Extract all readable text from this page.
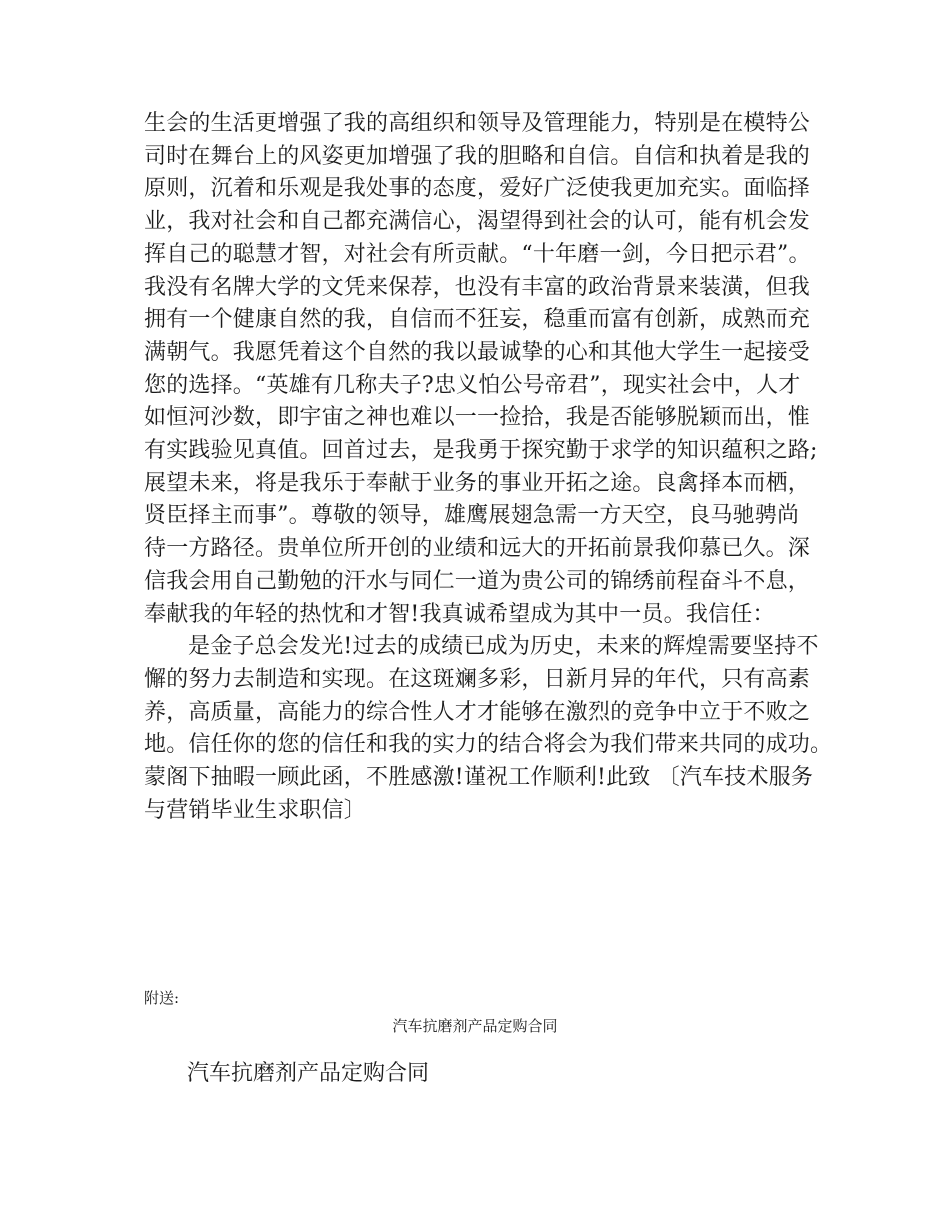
生会的生活更增强了我的高组织和领导及管理能力，特别是在模特公
司时在舞台上的风姿更加增强了我的胆略和自信。自信和执着是我的
原则，沉着和乐观是我处事的态度，爱好广泛使我更加充实。面临择
业，我对社会和自己都充满信心，渴望得到社会的认可，能有机会发
挥自己的聪慧才智，对社会有所贡献。“十年磨一剑，今日把示君”。
我没有名牌大学的文凭来保荐，也没有丰富的政治背景来装潢，但我
拥有一个健康自然的我，自信而不狂妄，稳重而富有创新，成熟而充
满朝气。我愿凭着这个自然的我以最诚挚的心和其他大学生一起接受
您的选择。“英雄有几称夫子?忠义怕公号帝君”，现实社会中，人才
如恒河沙数，即宇宙之神也难以一一捡拾，我是否能够脱颖而出，惟
有实践验见真值。回首过去，是我勇于探究勤于求学的知识蕴积之路;
展望未来，将是我乐于奉献于业务的事业开拓之途。良禽择本而栖，
贤臣择主而事”。尊敬的领导，雄鹰展翅急需一方天空，良马驰骋尚
待一方路径。贵单位所开创的业绩和远大的开拓前景我仰慕已久。深
信我会用自己勤勉的汗水与同仁一道为贵公司的锦绣前程奋斗不息，
奉献我的年轻的热忱和才智!我真诚希望成为其中一员。我信任：

是金子总会发光!过去的成绩已成为历史，未来的辉煌需要坚持不
懈的努力去制造和实现。在这斑斓多彩，日新月异的年代，只有高素
养，高质量，高能力的综合性人才才能够在激烈的竞争中立于不败之
地。信任你的您的信任和我的实力的结合将会为我们带来共同的成功。
蒙阁下抽暇一顾此函，不胜感激!谨祝工作顺利!此致 〔汽车技术服务
与营销毕业生求职信〕

附送:
汽车抗磨剂产品定购合同
汽车抗磨剂产品定购合同
